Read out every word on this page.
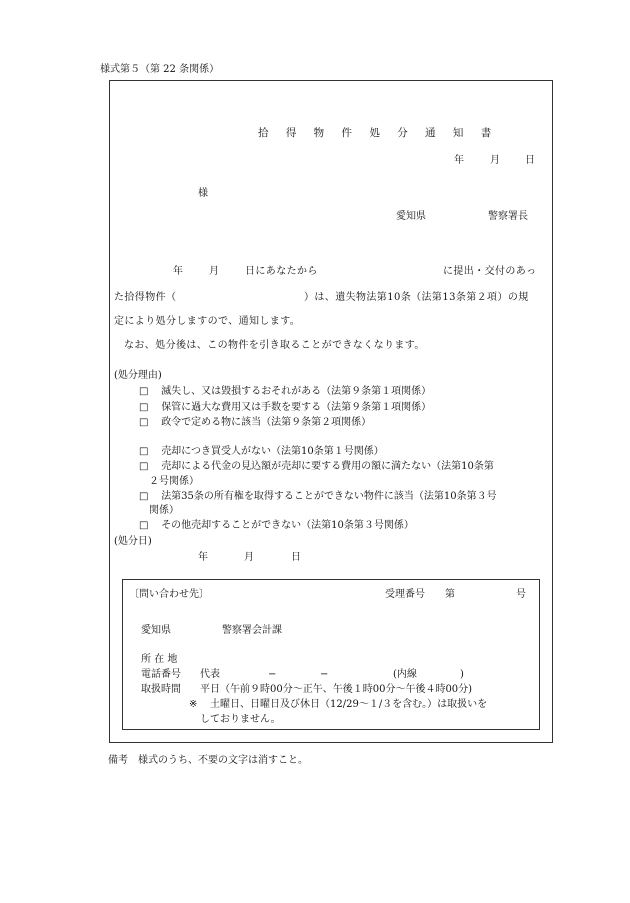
様式第５（第 22 条関係）
拾 得 物 件 処 分 通 知 書
年	月	日
様
愛知県	警察署長
年	月	日にあなたから	に提出・交付のあっ
た拾得物件（	）は、遺失物法第10条（法第13条第２項）の規
定により処分しますので、通知します。
なお、処分後は、この物件を引き取ることができなくなります。
(処分理由)
□ 滅失し、又は毀損するおそれがある（法第９条第１項関係）
□ 保管に過大な費用又は手数を要する（法第９条第１項関係）
□ 政令で定める物に該当（法第９条第２項関係）
□ 売却につき買受人がない（法第10条第１号関係）
□ 売却による代金の見込額が売却に要する費用の額に満たない（法第10条第
２号関係）
□ 法第35条の所有権を取得することができない物件に該当（法第10条第３号
関係）
□ その他売却することができない（法第10条第３号関係）
(処分日)
年	月	日
〔問い合わせ先〕	受理番号 第	号
愛知県	警察署会計課
所 在 地
電話番号 代表	−	−	(内線	)
取扱時間 平日（午前９時00分～正午、午後１時00分～午後４時00分)
※ 土曜日、日曜日及び休日（12/29～１/３を含む。）は取扱いを
しておりません。
備考　様式のうち、不要の文字は消すこと。
